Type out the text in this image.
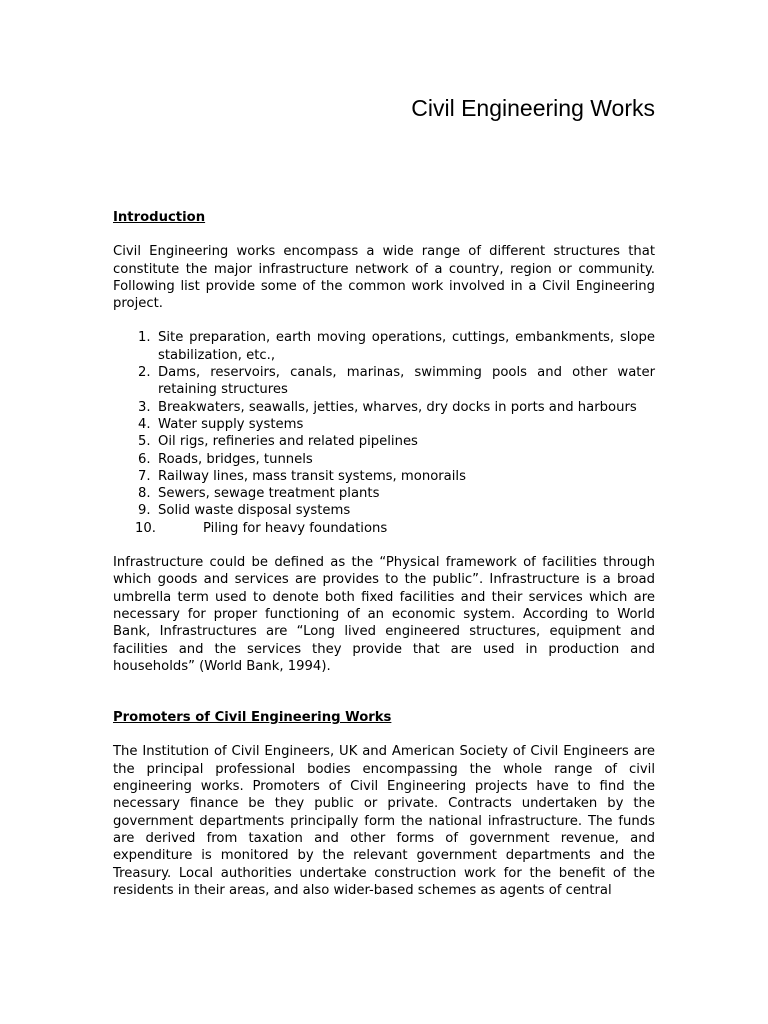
Civil Engineering Works
Introduction

Civil Engineering works encompass a wide range of different structures that constitute the major infrastructure network of a country, region or community. Following list provide some of the common work involved in a Civil Engineering project.

1. Site preparation, earth moving operations, cuttings, embankments, slope stabilization, etc.,
2. Dams, reservoirs, canals, marinas, swimming pools and other water retaining structures
3. Breakwaters, seawalls, jetties, wharves, dry docks in ports and harbours
4. Water supply systems
5. Oil rigs, refineries and related pipelines
6. Roads, bridges, tunnels
7. Railway lines, mass transit systems, monorails
8. Sewers, sewage treatment plants
9. Solid waste disposal systems
10.	Piling for heavy foundations

Infrastructure could be defined as the “Physical framework of facilities through which goods and services are provides to the public”. Infrastructure is a broad umbrella term used to denote both fixed facilities and their services which are necessary for proper functioning of an economic system. According to World Bank, Infrastructures are “Long lived engineered structures, equipment and facilities and the services they provide that are used in production and households” (World Bank, 1994).

Promoters of Civil Engineering Works

The Institution of Civil Engineers, UK and American Society of Civil Engineers are the principal professional bodies encompassing the whole range of civil engineering works. Promoters of Civil Engineering projects have to find the necessary finance be they public or private. Contracts undertaken by the government departments principally form the national infrastructure. The funds are derived from taxation and other forms of government revenue, and expenditure is monitored by the relevant government departments and the Treasury. Local authorities undertake construction work for the benefit of the residents in their areas, and also wider-based schemes as agents of central
